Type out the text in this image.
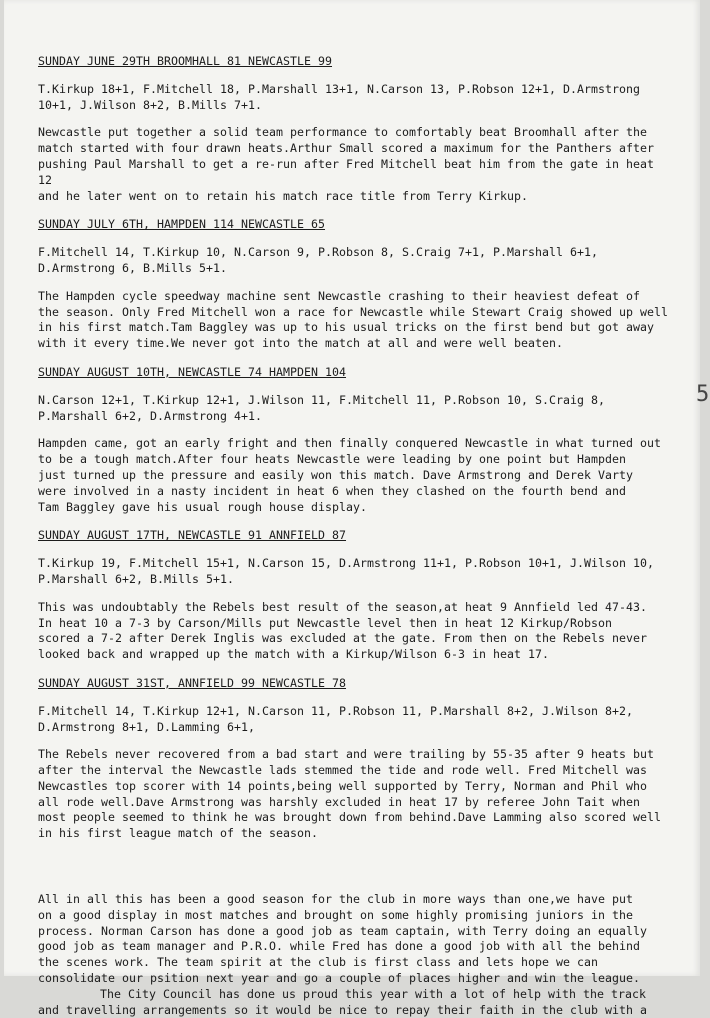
5

SUNDAY JUNE 29TH BROOMHALL 81 NEWCASTLE 99

T.Kirkup 18+1, F.Mitchell 18, P.Marshall 13+1, N.Carson 13, P.Robson 12+1, D.Armstrong 10+1, J.Wilson 8+2, B.Mills 7+1.

Newcastle put together a solid team performance to comfortably beat Broomhall after the

match started with four drawn heats.Arthur Small scored a maximum for the Panthers after

pushing Paul Marshall to get a re-run after Fred Mitchell beat him from the gate in heat 12

and he later went on to retain his match race title from Terry Kirkup.

SUNDAY JULY 6TH, HAMPDEN 114 NEWCASTLE 65

F.Mitchell 14, T.Kirkup 10, N.Carson 9, P.Robson 8, S.Craig 7+1, P.Marshall 6+1, D.Armstrong 6, B.Mills 5+1.

The Hampden cycle speedway machine sent Newcastle crashing to their heaviest defeat of

the season. Only Fred Mitchell won a race for Newcastle while Stewart Craig showed up well

in his first match.Tam Baggley was up to his usual tricks on the first bend but got away

with it every time.We never got into the match at all and were well beaten.

SUNDAY AUGUST 10TH, NEWCASTLE 74 HAMPDEN 104

N.Carson 12+1, T.Kirkup 12+1, J.Wilson 11, F.Mitchell 11, P.Robson 10, S.Craig 8, P.Marshall 6+2, D.Armstrong 4+1.

Hampden came, got an early fright and then finally conquered Newcastle in what turned out

to be a tough match.After four heats Newcastle were leading by one point but Hampden

just turned up the pressure and easily won this match. Dave Armstrong and Derek Varty

were involved in a nasty incident in heat 6 when they clashed on the fourth bend and

Tam Baggley gave his usual rough house display.

SUNDAY AUGUST 17TH, NEWCASTLE 91 ANNFIELD 87

T.Kirkup 19, F.Mitchell 15+1, N.Carson 15, D.Armstrong 11+1, P.Robson 10+1, J.Wilson 10, P.Marshall 6+2, B.Mills 5+1.

This was undoubtably the Rebels best result of the season,at heat 9 Annfield led 47-43.

In heat 10 a 7-3 by Carson/Mills put Newcastle level then in heat 12 Kirkup/Robson

scored a 7-2 after Derek Inglis was excluded at the gate. From then on the Rebels never

looked back and wrapped up the match with a Kirkup/Wilson 6-3 in heat 17.

SUNDAY AUGUST 31ST, ANNFIELD 99 NEWCASTLE 78

F.Mitchell 14, T.Kirkup 12+1, N.Carson 11, P.Robson 11, P.Marshall 8+2, J.Wilson 8+2, D.Armstrong 8+1, D.Lamming 6+1,

The Rebels never recovered from a bad start and were trailing by 55-35 after 9 heats but

after the interval the Newcastle lads stemmed the tide and rode well. Fred Mitchell was

Newcastles top scorer with 14 points,being well supported by Terry, Norman and Phil who

all rode well.Dave Armstrong was harshly excluded in heat 17 by referee John Tait when

most people seemed to think he was brought down from behind.Dave Lamming also scored well

in his first league match of the season.

All in all this has been a good season for the club in more ways than one,we have put

on a good display in most matches and brought on some highly promising juniors in the

process. Norman Carson has done a good job as team captain, with Terry doing an equally

good job as team manager and P.R.O. while Fred has done a good job with all the behind

the scenes work. The team spirit at the club is first class and lets hope we can

consolidate our psition next year and go a couple of places higher and win the league.

The City Council has done us proud this year with a lot of help with the track

and travelling arrangements so it would be nice to repay their faith in the club with a
